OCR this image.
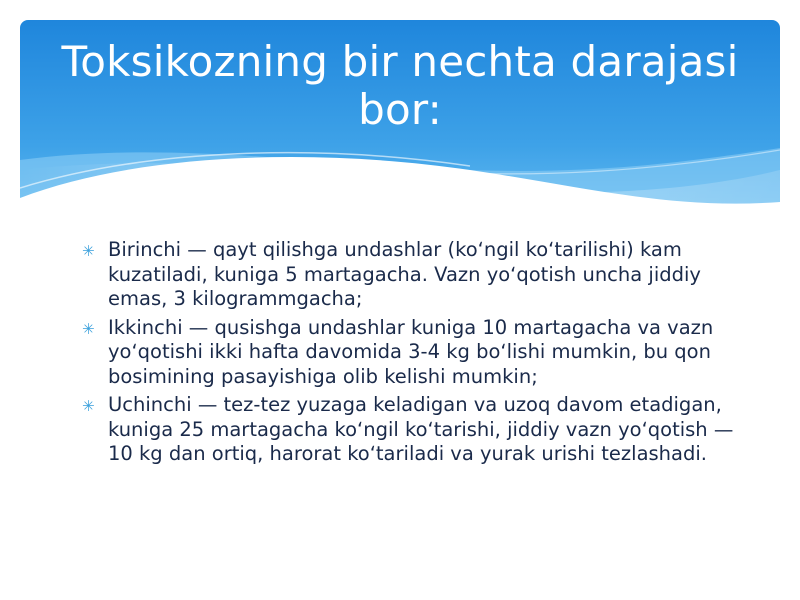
Toksikozning bir nechta darajasi bor:
✳ Birinchi — qayt qilishga undashlar (koʻngil koʻtarilishi) kam kuzatiladi, kuniga 5 martagacha. Vazn yoʻqotish uncha jiddiy emas, 3 kilogrammgacha;
✳ Ikkinchi — qusishga undashlar kuniga 10 martagacha va vazn yoʻqotishi ikki hafta davomida 3-4 kg boʻlishi mumkin, bu qon bosimining pasayishiga olib kelishi mumkin;
✳ Uchinchi — tez-tez yuzaga keladigan va uzoq davom etadigan, kuniga 25 martagacha koʻngil koʻtarishi, jiddiy vazn yoʻqotish — 10 kg dan ortiq, harorat koʻtariladi va yurak urishi tezlashadi.
